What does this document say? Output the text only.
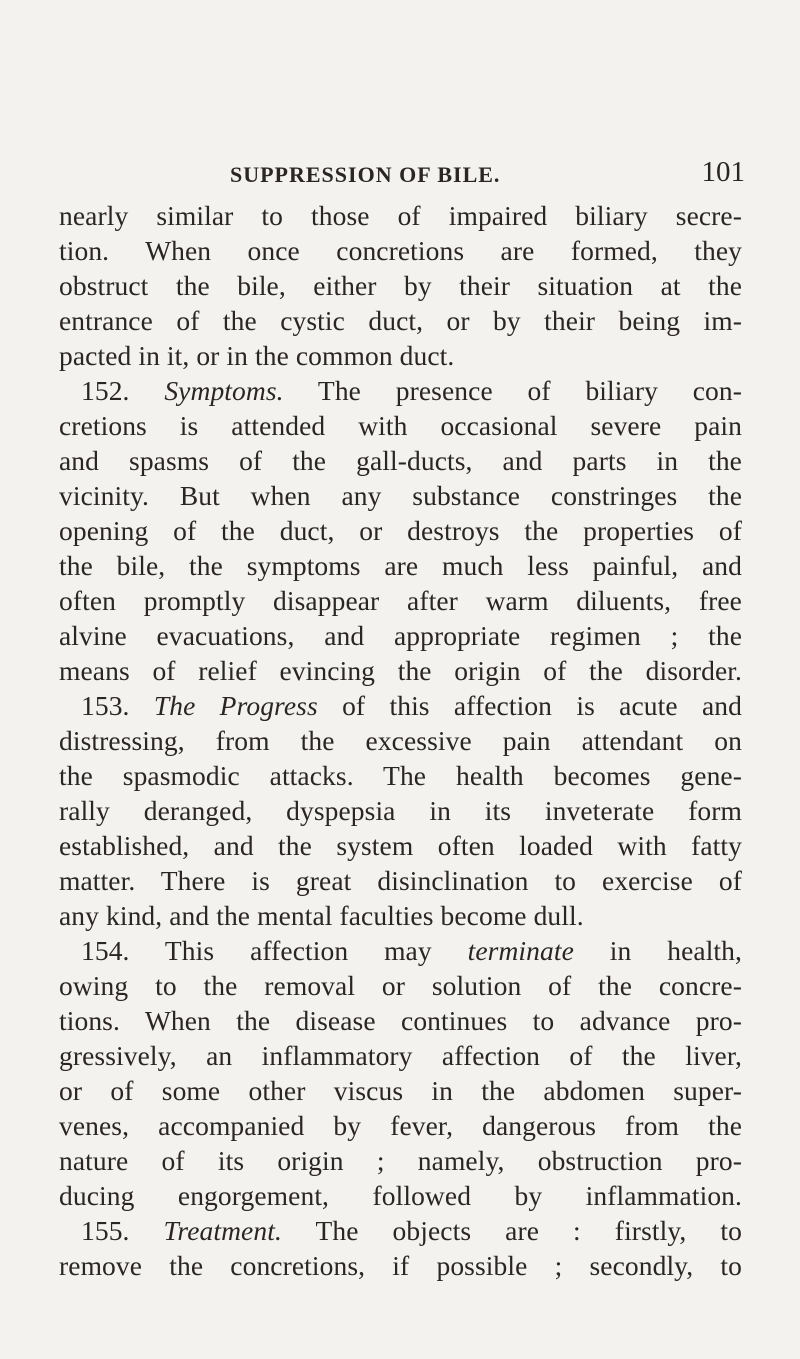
SUPPRESSION OF BILE.	101
nearly similar to those of impaired biliary secre-
tion. When once concretions are formed, they
obstruct the bile, either by their situation at the
entrance of the cystic duct, or by their being im-
pacted in it, or in the common duct.
152. Symptoms. The presence of biliary con-
cretions is attended with occasional severe pain
and spasms of the gall-ducts, and parts in the
vicinity. But when any substance constringes the
opening of the duct, or destroys the properties of
the bile, the symptoms are much less painful, and
often promptly disappear after warm diluents, free
alvine evacuations, and appropriate regimen ; the
means of relief evincing the origin of the disorder.
153. The Progress of this affection is acute and
distressing, from the excessive pain attendant on
the spasmodic attacks. The health becomes gene-
rally deranged, dyspepsia in its inveterate form
established, and the system often loaded with fatty
matter. There is great disinclination to exercise of
any kind, and the mental faculties become dull.
154. This affection may terminate in health,
owing to the removal or solution of the concre-
tions. When the disease continues to advance pro-
gressively, an inflammatory affection of the liver,
or of some other viscus in the abdomen super-
venes, accompanied by fever, dangerous from the
nature of its origin ; namely, obstruction pro-
ducing engorgement, followed by inflammation.
155. Treatment. The objects are : firstly, to
remove the concretions, if possible ; secondly, to
